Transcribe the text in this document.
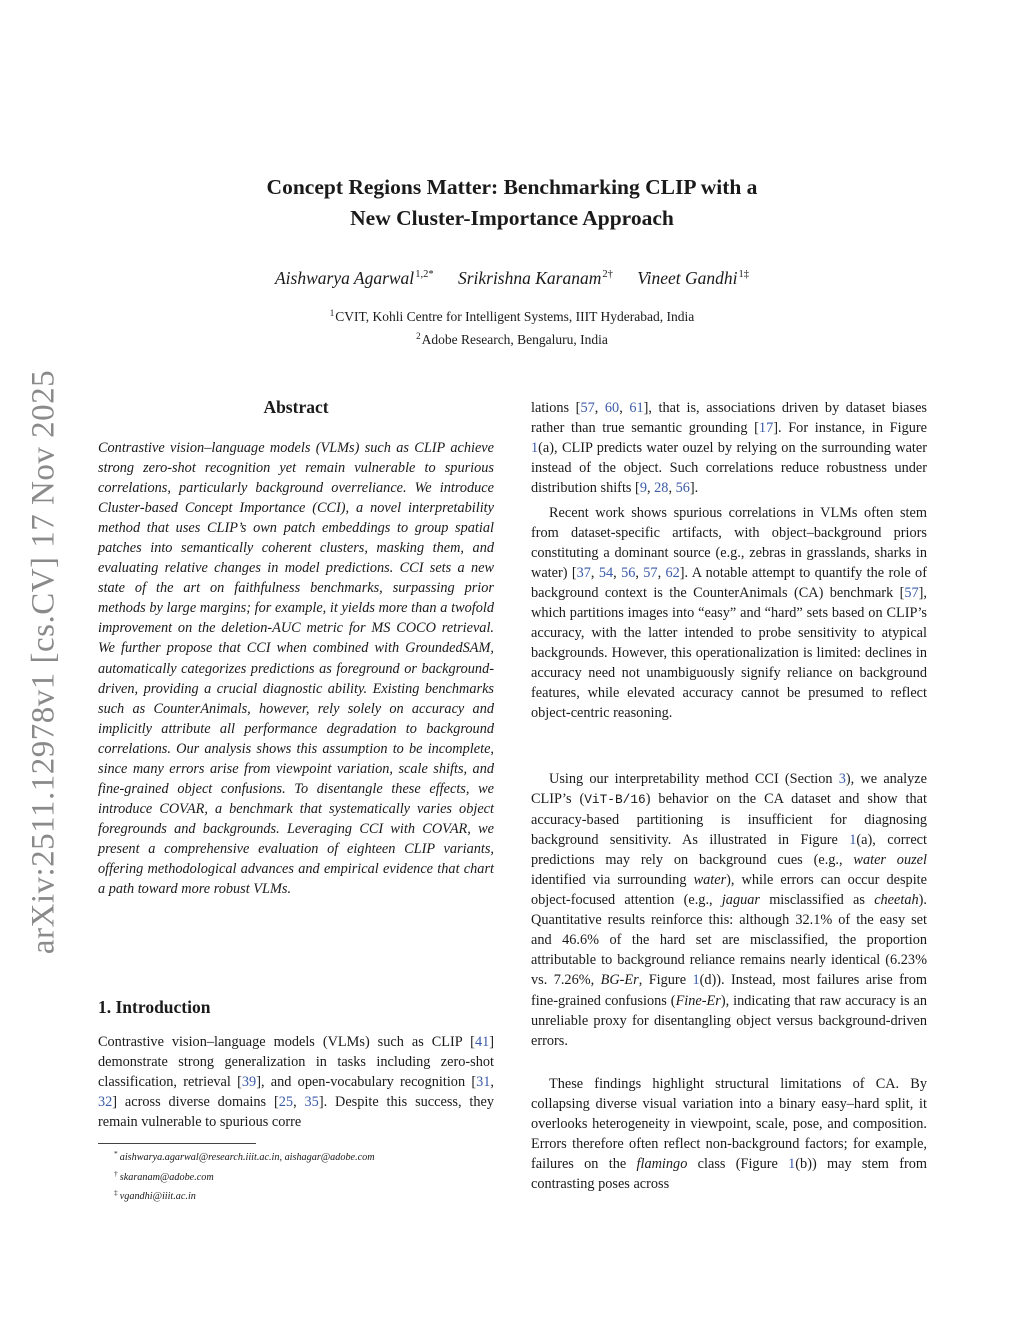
arXiv:2511.12978v1 [cs.CV] 17 Nov 2025
Concept Regions Matter: Benchmarking CLIP with a
New Cluster-Importance Approach
Aishwarya Agarwal$^{1,2*}$ Srikrishna Karanam$^{2\dagger}$ Vineet Gandhi$^{1\ddagger}$
$^1$CVIT, Kohli Centre for Intelligent Systems, IIIT Hyderabad, India
$^2$Adobe Research, Bengaluru, India
Abstract
Contrastive vision–language models (VLMs) such as CLIP achieve strong zero-shot recognition yet remain vulnerable to spurious correlations, particularly background overreliance. We introduce Cluster-based Concept Importance (CCI), a novel interpretability method that uses CLIP’s own patch embeddings to group spatial patches into semantically coherent clusters, masking them, and evaluating relative changes in model predictions. CCI sets a new state of the art on faithfulness benchmarks, surpassing prior methods by large margins; for example, it yields more than a twofold improvement on the deletion-AUC metric for MS COCO retrieval. We further propose that CCI when combined with GroundedSAM, automatically categorizes predictions as foreground or background-driven, providing a crucial diagnostic ability. Existing benchmarks such as CounterAnimals, however, rely solely on accuracy and implicitly attribute all performance degradation to background correlations. Our analysis shows this assumption to be incomplete, since many errors arise from viewpoint variation, scale shifts, and fine-grained object confusions. To disentangle these effects, we introduce COVAR, a benchmark that systematically varies object foregrounds and backgrounds. Leveraging CCI with COVAR, we present a comprehensive evaluation of eighteen CLIP variants, offering methodological advances and empirical evidence that chart a path toward more robust VLMs.
1. Introduction
Contrastive vision–language models (VLMs) such as CLIP [41] demonstrate strong generalization in tasks including zero-shot classification, retrieval [39], and open-vocabulary recognition [31, 32] across diverse domains [25, 35]. Despite this success, they remain vulnerable to spurious corre
* aishwarya.agarwal@research.iiit.ac.in, aishagar@adobe.com
† skaranam@adobe.com
‡ vgandhi@iiit.ac.in
lations [57, 60, 61], that is, associations driven by dataset biases rather than true semantic grounding [17]. For instance, in Figure 1(a), CLIP predicts water ouzel by relying on the surrounding water instead of the object. Such correlations reduce robustness under distribution shifts [9, 28, 56].
Recent work shows spurious correlations in VLMs often stem from dataset-specific artifacts, with object–background priors constituting a dominant source (e.g., zebras in grasslands, sharks in water) [37, 54, 56, 57, 62]. A notable attempt to quantify the role of background context is the CounterAnimals (CA) benchmark [57], which partitions images into “easy” and “hard” sets based on CLIP’s accuracy, with the latter intended to probe sensitivity to atypical backgrounds. However, this operationalization is limited: declines in accuracy need not unambiguously signify reliance on background features, while elevated accuracy cannot be presumed to reflect object-centric reasoning.
Using our interpretability method CCI (Section 3), we analyze CLIP’s (ViT-B/16) behavior on the CA dataset and show that accuracy-based partitioning is insufficient for diagnosing background sensitivity. As illustrated in Figure 1(a), correct predictions may rely on background cues (e.g., water ouzel identified via surrounding water), while errors can occur despite object-focused attention (e.g., jaguar misclassified as cheetah). Quantitative results reinforce this: although 32.1% of the easy set and 46.6% of the hard set are misclassified, the proportion attributable to background reliance remains nearly identical (6.23% vs. 7.26%, BG-Er, Figure 1(d)). Instead, most failures arise from fine-grained confusions (Fine-Er), indicating that raw accuracy is an unreliable proxy for disentangling object versus background-driven errors.
These findings highlight structural limitations of CA. By collapsing diverse visual variation into a binary easy–hard split, it overlooks heterogeneity in viewpoint, scale, pose, and composition. Errors therefore often reflect non-background factors; for example, failures on the flamingo class (Figure 1(b)) may stem from contrasting poses across
